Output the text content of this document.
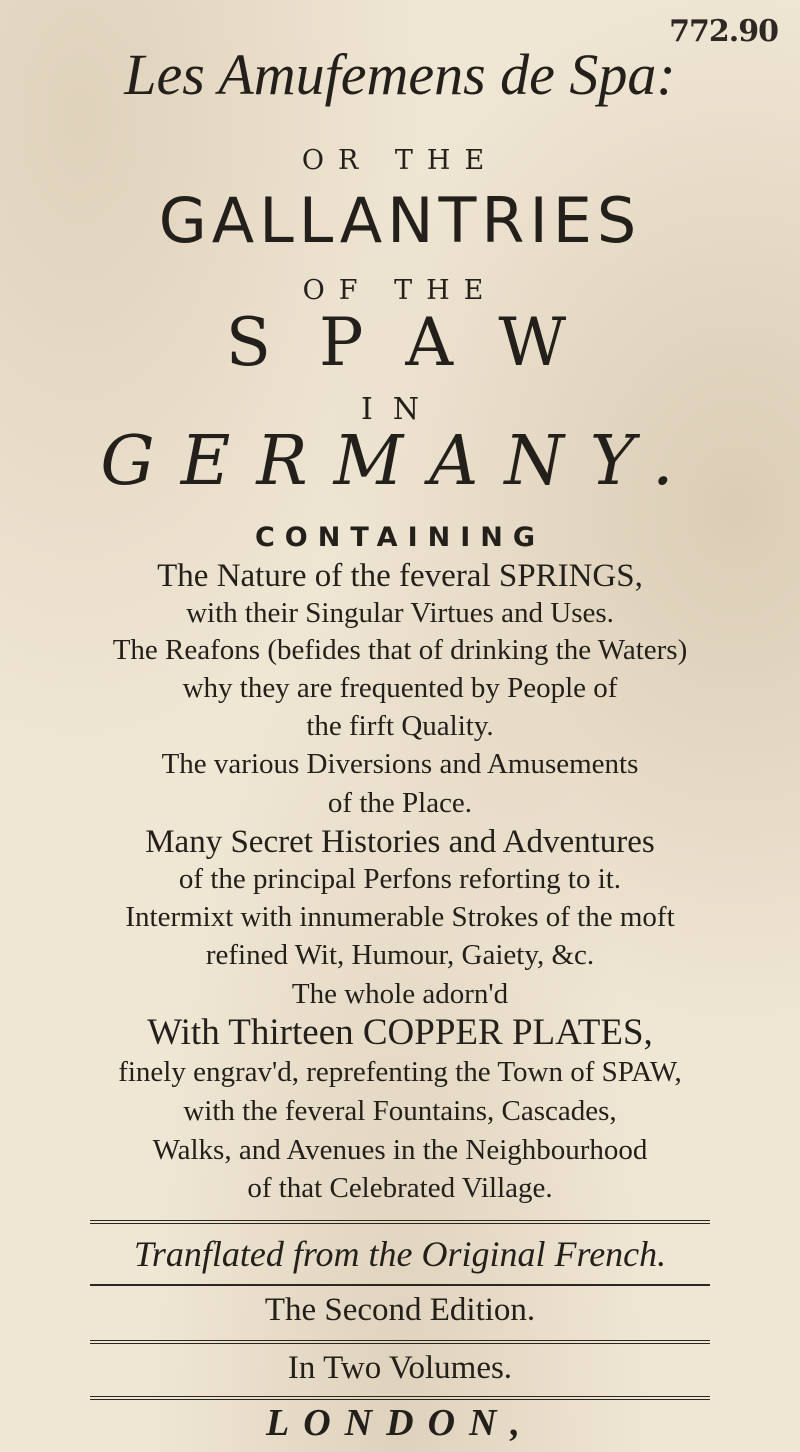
772.90
Les Amufemens de Spa:
OR THE
GALLANTRIES
OF THE
SPAW
IN
GERMANY.
CONTAINING
The Nature of the feveral SPRINGS,
with their Singular Virtues and Uses.
The Reafons (befides that of drinking the Waters)
why they are frequented by People of
the firft Quality.
The various Diversions and Amusements
of the Place.
Many Secret Histories and Adventures
of the principal Perfons reforting to it.
Intermixt with innumerable Strokes of the moft
refined Wit, Humour, Gaiety, &c.
The whole adorn'd
With Thirteen COPPER PLATES,
finely engrav'd, reprefenting the Town of SPAW,
with the feveral Fountains, Cascades,
Walks, and Avenues in the Neighbourhood
of that Celebrated Village.
Tranflated from the Original French.
The Second Edition.
In Two Volumes.
LONDON,
